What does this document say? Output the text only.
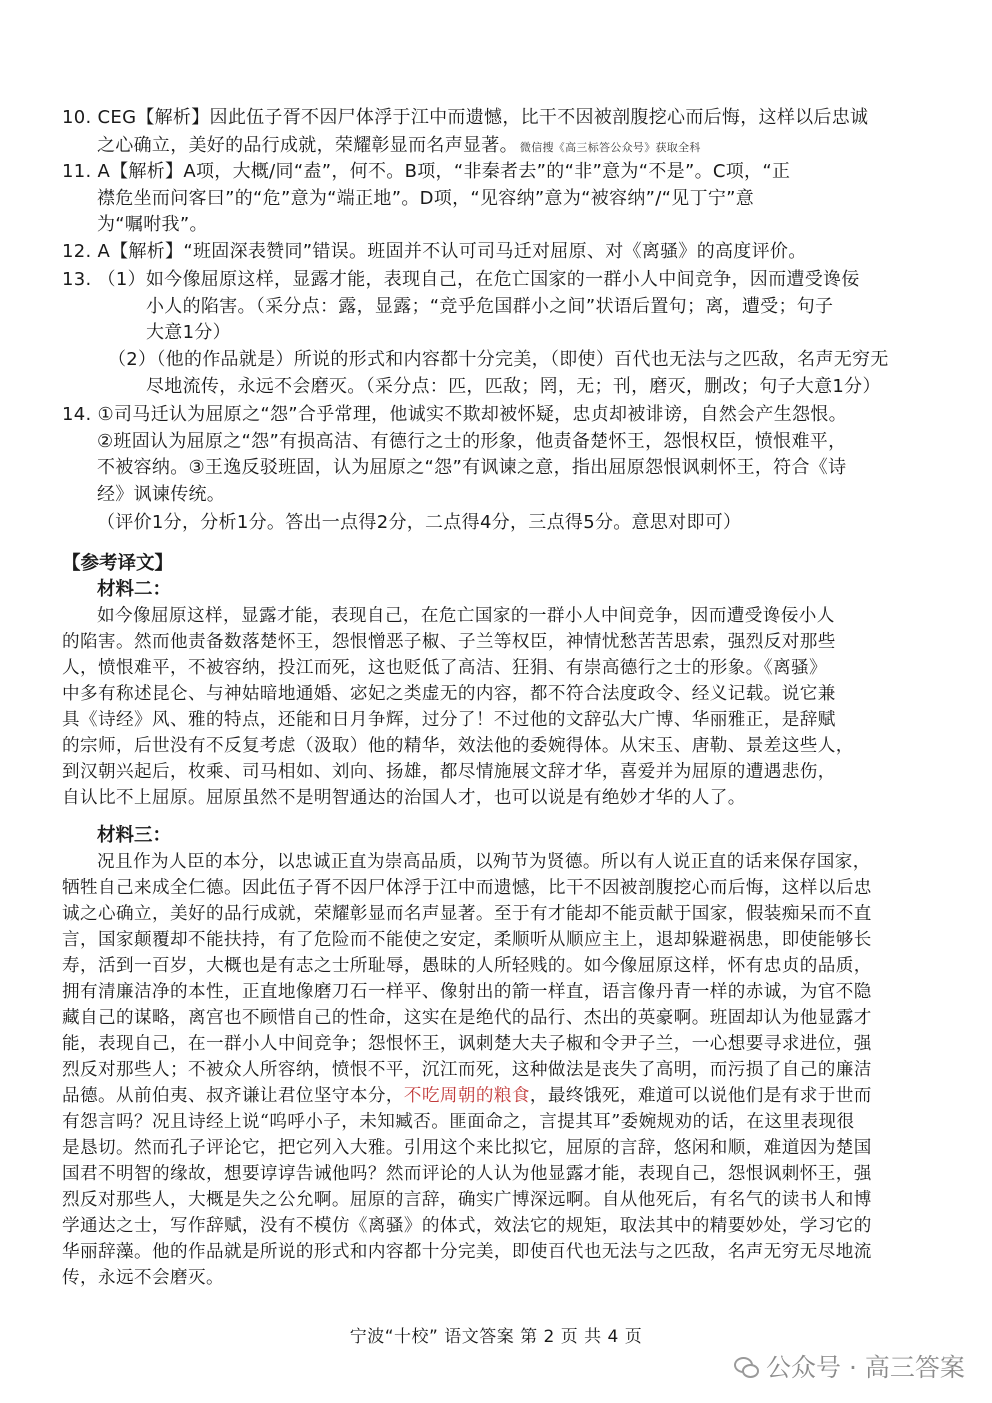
10. CEG【解析】因此伍子胥不因尸体浮于江中而遗憾，比干不因被剖腹挖心而后悔，这样以后忠诚
之心确立，美好的品行成就，荣耀彰显而名声显著。 微信搜《高三标答公众号》获取全科
11. A【解析】A项，大概/同“盍”，何不。B项，“非秦者去”的“非”意为“不是”。C项，“正
襟危坐而问客曰”的“危”意为“端正地”。D项，“见容纳”意为“被容纳”/“见丁宁”意
为“嘱咐我”。
12. A【解析】“班固深表赞同”错误。班固并不认可司马迁对屈原、对《离骚》的高度评价。
13. （1）如今像屈原这样，显露才能，表现自己，在危亡国家的一群小人中间竞争，因而遭受谗佞
小人的陷害。（采分点：露，显露；“竞乎危国群小之间”状语后置句；离，遭受；句子
大意1分）
（2）（他的作品就是）所说的形式和内容都十分完美，（即使）百代也无法与之匹敌，名声无穷无
尽地流传，永远不会磨灭。（采分点：匹，匹敌；罔，无；刊，磨灭，删改；句子大意1分）
14. ①司马迁认为屈原之“怨”合乎常理，他诚实不欺却被怀疑，忠贞却被诽谤，自然会产生怨恨。
②班固认为屈原之“怨”有损高洁、有德行之士的形象，他责备楚怀王，怨恨权臣，愤恨难平，
不被容纳。③王逸反驳班固，认为屈原之“怨”有讽谏之意，指出屈原怨恨讽刺怀王，符合《诗
经》讽谏传统。
（评价1分，分析1分。答出一点得2分，二点得4分，三点得5分。意思对即可）
【参考译文】
材料二：
如今像屈原这样，显露才能，表现自己，在危亡国家的一群小人中间竞争，因而遭受谗佞小人
的陷害。然而他责备数落楚怀王，怨恨憎恶子椒、子兰等权臣，神情忧愁苦苦思索，强烈反对那些
人，愤恨难平，不被容纳，投江而死，这也贬低了高洁、狂狷、有崇高德行之士的形象。《离骚》
中多有称述昆仑、与神姑暗地通婚、宓妃之类虚无的内容，都不符合法度政令、经义记载。说它兼
具《诗经》风、雅的特点，还能和日月争辉，过分了！不过他的文辞弘大广博、华丽雅正，是辞赋
的宗师，后世没有不反复考虑（汲取）他的精华，效法他的委婉得体。从宋玉、唐勒、景差这些人，
到汉朝兴起后，枚乘、司马相如、刘向、扬雄，都尽情施展文辞才华，喜爱并为屈原的遭遇悲伤，
自认比不上屈原。屈原虽然不是明智通达的治国人才，也可以说是有绝妙才华的人了。
材料三：
况且作为人臣的本分，以忠诚正直为崇高品质，以殉节为贤德。所以有人说正直的话来保存国家，
牺牲自己来成全仁德。因此伍子胥不因尸体浮于江中而遗憾，比干不因被剖腹挖心而后悔，这样以后忠
诚之心确立，美好的品行成就，荣耀彰显而名声显著。至于有才能却不能贡献于国家，假装痴呆而不直
言，国家颠覆却不能扶持，有了危险而不能使之安定，柔顺听从顺应主上，退却躲避祸患，即使能够长
寿，活到一百岁，大概也是有志之士所耻辱，愚昧的人所轻贱的。如今像屈原这样，怀有忠贞的品质，
拥有清廉洁净的本性，正直地像磨刀石一样平、像射出的箭一样直，语言像丹青一样的赤诚，为官不隐
藏自己的谋略，离宫也不顾惜自己的性命，这实在是绝代的品行、杰出的英豪啊。班固却认为他显露才
能，表现自己，在一群小人中间竞争；怨恨怀王，讽刺楚大夫子椒和令尹子兰，一心想要寻求进位，强
烈反对那些人；不被众人所容纳，愤恨不平，沉江而死，这种做法是丧失了高明，而污损了自己的廉洁
品德。从前伯夷、叔齐谦让君位坚守本分，不吃周朝的粮食，最终饿死，难道可以说他们是有求于世而
有怨言吗？况且诗经上说“呜呼小子，未知臧否。匪面命之，言提其耳”委婉规劝的话，在这里表现很
是恳切。然而孔子评论它，把它列入大雅。引用这个来比拟它，屈原的言辞，悠闲和顺，难道因为楚国
国君不明智的缘故，想要谆谆告诫他吗？然而评论的人认为他显露才能，表现自己，怨恨讽刺怀王，强
烈反对那些人，大概是失之公允啊。屈原的言辞，确实广博深远啊。自从他死后，有名气的读书人和博
学通达之士，写作辞赋，没有不模仿《离骚》的体式，效法它的规矩，取法其中的精要妙处，学习它的
华丽辞藻。他的作品就是所说的形式和内容都十分完美，即使百代也无法与之匹敌，名声无穷无尽地流
传，永远不会磨灭。
宁波“十校” 语文答案 第 2 页 共 4 页
公众号 · 高三答案
